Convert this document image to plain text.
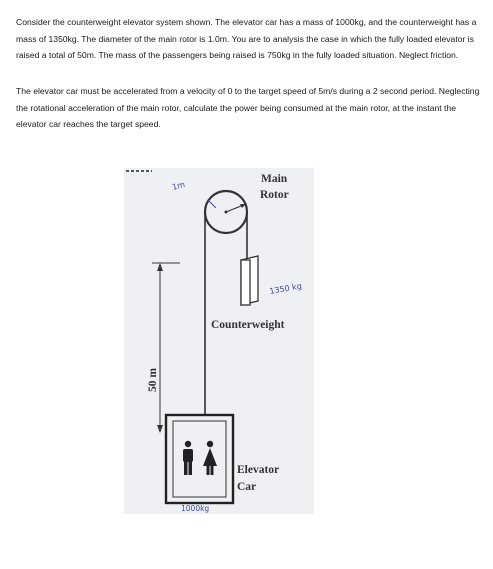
Consider the counterweight elevator system shown. The elevator car has a mass of 1000kg, and the counterweight has a mass of 1350kg. The diameter of the main rotor is 1.0m. You are to analysis the case in which the fully loaded elevator is raised a total of 50m. The mass of the passengers being raised is 750kg in the fully loaded situation. Neglect friction.

The elevator car must be accelerated from a velocity of 0 to the target speed of 5m/s during a 2 second period. Neglecting the rotational acceleration of the main rotor, calculate the power being consumed at the main rotor, at the instant the elevator car reaches the target speed.

Main
Rotor
1m
1350 kg
Counterweight
50 m
Elevator
Car
1000kg
